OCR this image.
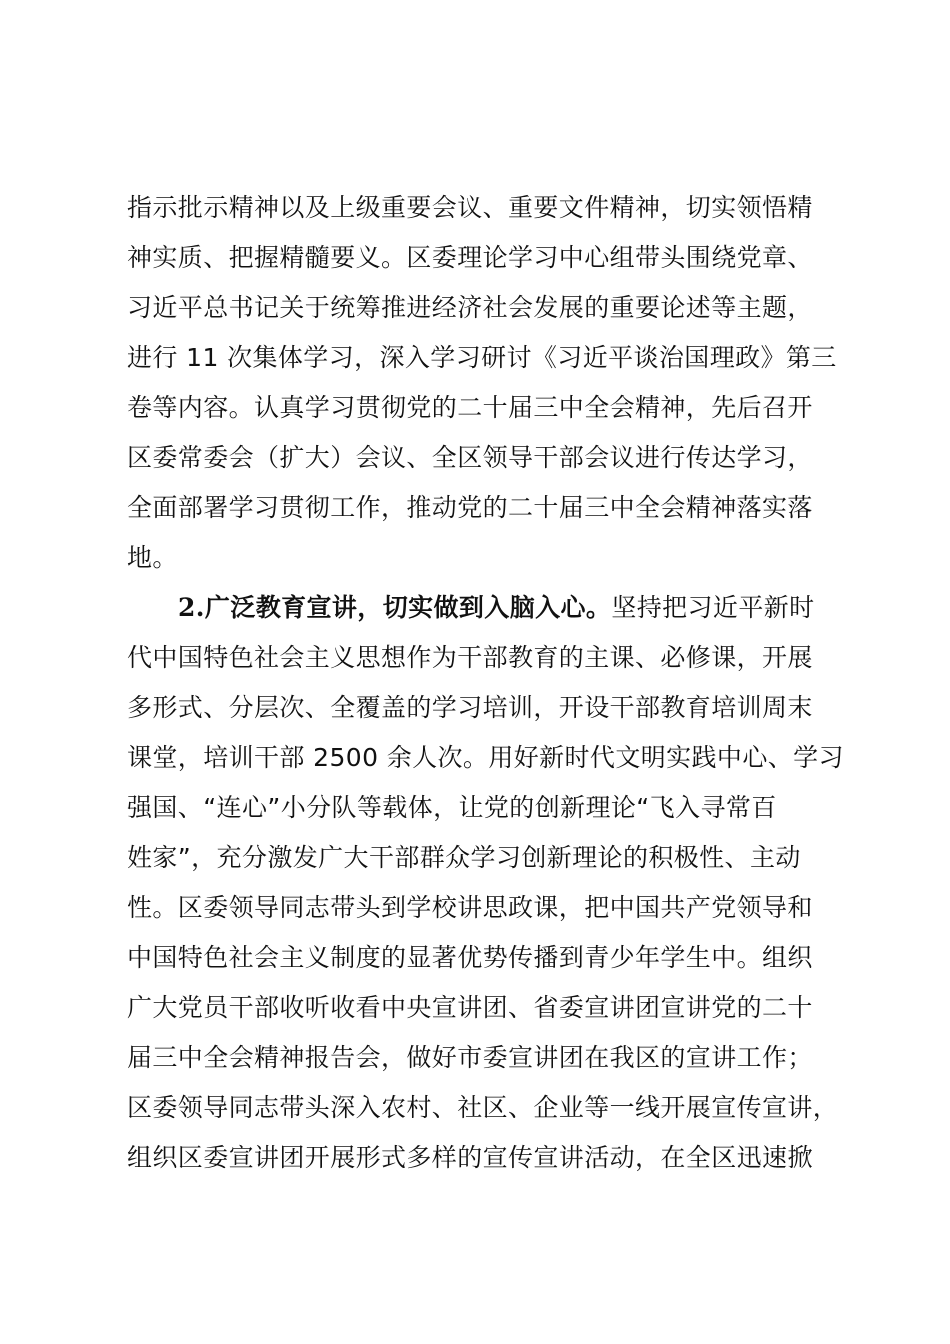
指示批示精神以及上级重要会议、重要文件精神，切实领悟精
神实质、把握精髓要义。区委理论学习中心组带头围绕党章、
习近平总书记关于统筹推进经济社会发展的重要论述等主题，
进行 11 次集体学习，深入学习研讨《习近平谈治国理政》第三
卷等内容。认真学习贯彻党的二十届三中全会精神，先后召开
区委常委会（扩大）会议、全区领导干部会议进行传达学习，
全面部署学习贯彻工作，推动党的二十届三中全会精神落实落
地。
2.广泛教育宣讲，切实做到入脑入心。坚持把习近平新时
代中国特色社会主义思想作为干部教育的主课、必修课，开展
多形式、分层次、全覆盖的学习培训，开设干部教育培训周末
课堂，培训干部 2500 余人次。用好新时代文明实践中心、学习
强国、“连心”小分队等载体，让党的创新理论“飞入寻常百
姓家”，充分激发广大干部群众学习创新理论的积极性、主动
性。区委领导同志带头到学校讲思政课，把中国共产党领导和
中国特色社会主义制度的显著优势传播到青少年学生中。组织
广大党员干部收听收看中央宣讲团、省委宣讲团宣讲党的二十
届三中全会精神报告会，做好市委宣讲团在我区的宣讲工作；
区委领导同志带头深入农村、社区、企业等一线开展宣传宣讲，
组织区委宣讲团开展形式多样的宣传宣讲活动，在全区迅速掀
